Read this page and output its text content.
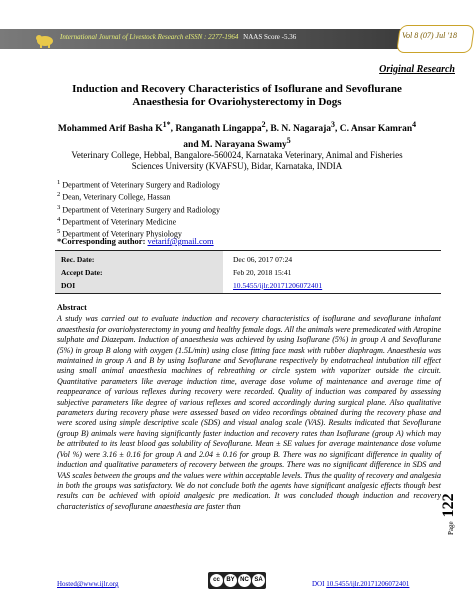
International Journal of Livestock Research eISSN : 2277-1964 NAAS Score -5.36	Vol 8 (07) Jul '18
Original Research
Induction and Recovery Characteristics of Isoflurane and Sevoflurane
Anaesthesia for Ovariohysterectomy in Dogs
Mohammed Arif Basha $K^{1*}$, Ranganath Lingappa$^2$, B. N. Nagaraja$^3$, C. Ansar Kamran$^4$
and M. Narayana Swamy$^5$
Veterinary College, Hebbal, Bangalore-560024, Karnataka Veterinary, Animal and Fisheries
Sciences University (KVAFSU), Bidar, Karnataka, INDIA
$^1$ Department of Veterinary Surgery and Radiology
$^2$ Dean, Veterinary College, Hassan
$^3$ Department of Veterinary Surgery and Radiology
$^4$ Department of Veterinary Medicine
$^5$ Department of Veterinary Physiology
*Corresponding author: vetarif@gmail.com
Rec. Date:	Dec 06, 2017 07:24
Accept Date:	Feb 20, 2018 15:41
DOI	10.5455/ijlr.20171206072401
Abstract
A study was carried out to evaluate induction and recovery characteristics of isoflurane and sevoflurane inhalant anaesthesia for ovariohysterectomy in young and healthy female dogs. All the animals were premedicated with Atropine sulphate and Diazepam. Induction of anaesthesia was achieved by using Isoflurane (5%) in group A and Sevoflurane (5%) in group B along with oxygen (1.5L/min) using close fitting face mask with rubber diaphragm. Anaesthesia was maintained in group A and B by using Isoflurane and Sevoflurane respectively by endotracheal intubation till effect using small animal anaesthesia machines of rebreathing or circle system with vaporizer outside the circuit. Quantitative parameters like average induction time, average dose volume of maintenance and average time of reappearance of various reflexes during recovery were recorded. Quality of induction was compared by assessing subjective parameters like degree of various reflexes and scored accordingly during surgical plane. Also qualitative parameters during recovery phase were assessed based on video recordings obtained during the recovery phase and were scored using simple descriptive scale (SDS) and visual analog scale (VAS). Results indicated that Sevoflurane (group B) animals were having significantly faster induction and recovery rates than Isoflurane (group A) which may be attributed to its least blood gas solubility of Sevoflurane. Mean ± SE values for average maintenance dose volume (Vol %) were 3.16 ± 0.16 for group A and 2.04 ± 0.16 for group B. There was no significant difference in quality of induction and qualitative parameters of recovery between the groups. There was no significant difference in SDS and VAS scales between the groups and the values were within acceptable levels. Thus the quality of recovery and analgesia in both the groups was satisfactory. We do not conclude both the agents have significant analgesic effects though best results can be achieved with opioid analgesic pre medication. It was concluded though induction and recovery characteristics of sevoflurane anaesthesia are faster than
Page 122
Hosted@www.ijlr.org	cc	BY NC SA	DOI 10.5455/ijlr.20171206072401
